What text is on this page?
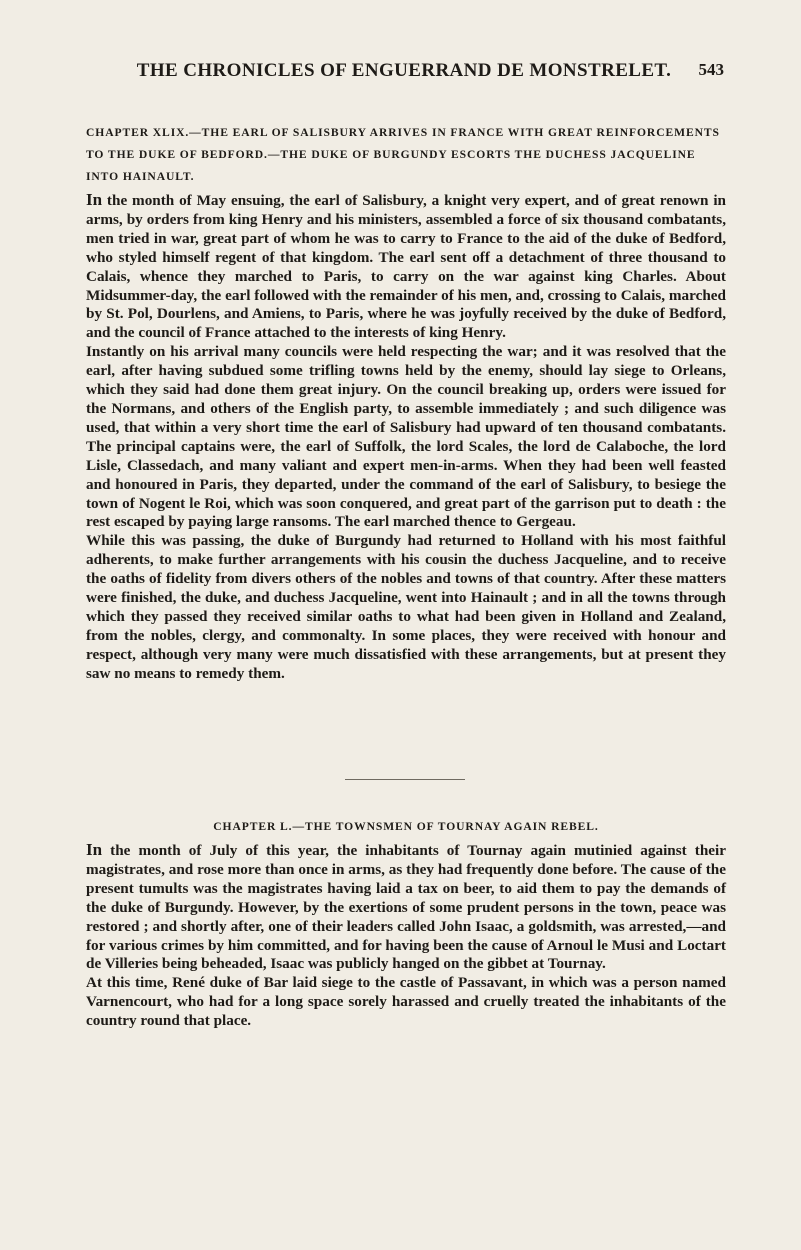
THE CHRONICLES OF ENGUERRAND DE MONSTRELET.	543
CHAPTER XLIX.—THE EARL OF SALISBURY ARRIVES IN FRANCE WITH GREAT REINFORCEMENTS TO THE DUKE OF BEDFORD.—THE DUKE OF BURGUNDY ESCORTS THE DUCHESS JACQUELINE INTO HAINAULT.

In the month of May ensuing, the earl of Salisbury, a knight very expert, and of great renown in arms, by orders from king Henry and his ministers, assembled a force of six thousand combatants, men tried in war, great part of whom he was to carry to France to the aid of the duke of Bedford, who styled himself regent of that kingdom. The earl sent off a detachment of three thousand to Calais, whence they marched to Paris, to carry on the war against king Charles. About Midsummer-day, the earl followed with the remainder of his men, and, crossing to Calais, marched by St. Pol, Dourlens, and Amiens, to Paris, where he was joyfully received by the duke of Bedford, and the council of France attached to the interests of king Henry.

Instantly on his arrival many councils were held respecting the war; and it was resolved that the earl, after having subdued some trifling towns held by the enemy, should lay siege to Orleans, which they said had done them great injury. On the council breaking up, orders were issued for the Normans, and others of the English party, to assemble immediately ; and such diligence was used, that within a very short time the earl of Salisbury had upward of ten thousand combatants. The principal captains were, the earl of Suffolk, the lord Scales, the lord de Calaboche, the lord Lisle, Classedach, and many valiant and expert men-in-arms. When they had been well feasted and honoured in Paris, they departed, under the command of the earl of Salisbury, to besiege the town of Nogent le Roi, which was soon conquered, and great part of the garrison put to death : the rest escaped by paying large ransoms. The earl marched thence to Gergeau.

While this was passing, the duke of Burgundy had returned to Holland with his most faithful adherents, to make further arrangements with his cousin the duchess Jacqueline, and to receive the oaths of fidelity from divers others of the nobles and towns of that country. After these matters were finished, the duke, and duchess Jacqueline, went into Hainault ; and in all the towns through which they passed they received similar oaths to what had been given in Holland and Zealand, from the nobles, clergy, and commonalty. In some places, they were received with honour and respect, although very many were much dissatisfied with these arrangements, but at present they saw no means to remedy them.

CHAPTER L.—THE TOWNSMEN OF TOURNAY AGAIN REBEL.

In the month of July of this year, the inhabitants of Tournay again mutinied against their magistrates, and rose more than once in arms, as they had frequently done before. The cause of the present tumults was the magistrates having laid a tax on beer, to aid them to pay the demands of the duke of Burgundy. However, by the exertions of some prudent persons in the town, peace was restored ; and shortly after, one of their leaders called John Isaac, a goldsmith, was arrested,—and for various crimes by him committed, and for having been the cause of Arnoul le Musi and Loctart de Villeries being beheaded, Isaac was publicly hanged on the gibbet at Tournay.

At this time, René duke of Bar laid siege to the castle of Passavant, in which was a person named Varnencourt, who had for a long space sorely harassed and cruelly treated the inhabitants of the country round that place.
